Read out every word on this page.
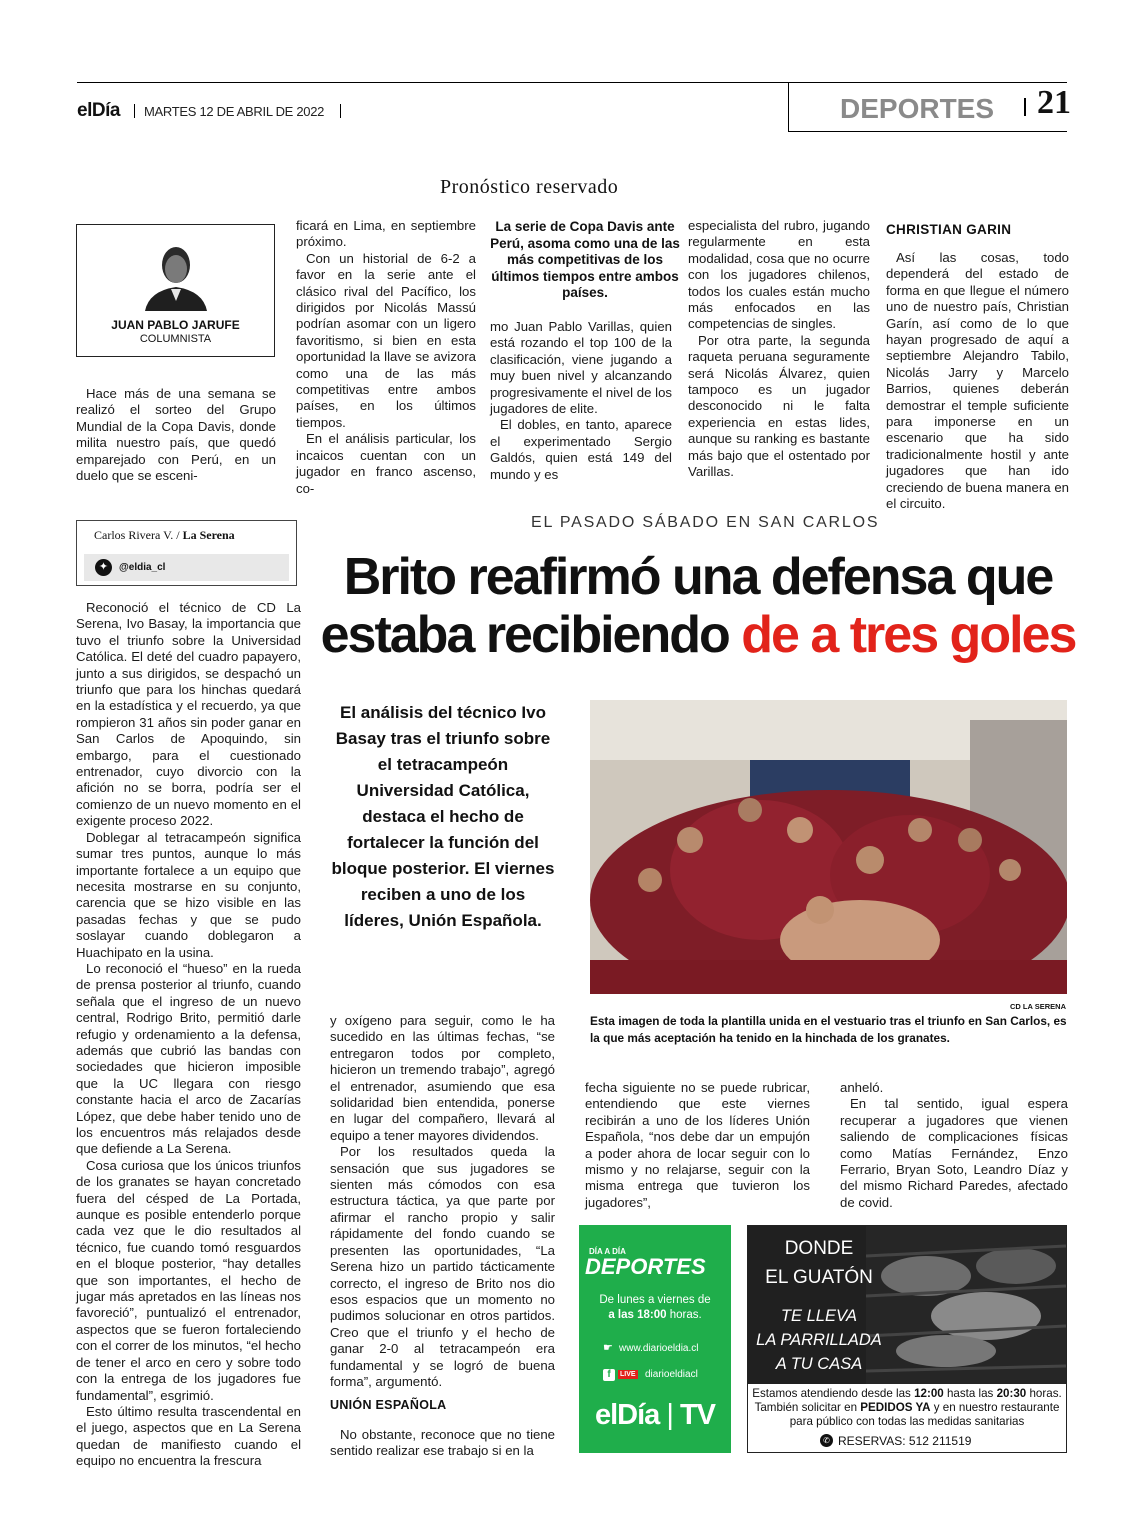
elDía MARTES 12 DE ABRIL DE 2022	DEPORTES 21
Pronóstico reservado
JUAN PABLO JARUFE
COLUMNISTA

Hace más de una semana se realizó el sorteo del Grupo Mundial de la Copa Davis, donde milita nuestro país, que quedó emparejado con Perú, en un duelo que se esceni-

ficará en Lima, en septiembre próximo.

Con un historial de 6-2 a favor en la serie ante el clásico rival del Pacífico, los dirigidos por Nicolás Massú podrían asomar con un ligero favoritismo, si bien en esta oportunidad la llave se avizora como una de las más competitivas entre ambos países, en los últimos tiempos.

En el análisis particular, los incaicos cuentan con un jugador en franco ascenso, co-

La serie de Copa Davis ante Perú, asoma como una de las más competitivas de los últimos tiempos entre ambos países.

mo Juan Pablo Varillas, quien está rozando el top 100 de la clasificación, viene jugando a muy buen nivel y alcanzando progresivamente el nivel de los jugadores de elite.

El dobles, en tanto, aparece el experimentado Sergio Galdós, quien está 149 del mundo y es

especialista del rubro, jugando regularmente en esta modalidad, cosa que no ocurre con los jugadores chilenos, todos los cuales están mucho más enfocados en las competencias de singles.

Por otra parte, la segunda raqueta peruana seguramente será Nicolás Álvarez, quien tampoco es un jugador desconocido ni le falta experiencia en estas lides, aunque su ranking es bastante más bajo que el ostentado por Varillas.

CHRISTIAN GARIN

Así las cosas, todo dependerá del estado de forma en que llegue el número uno de nuestro país, Christian Garín, así como de lo que hayan progresado de aquí a septiembre Alejandro Tabilo, Nicolás Jarry y Marcelo Barrios, quienes deberán demostrar el temple suficiente para imponerse en un escenario que ha sido tradicionalmente hostil y ante jugadores que han ido creciendo de buena manera en el circuito.

Carlos Rivera V. / La Serena
✦	@eldia_cl
EL PASADO SÁBADO EN SAN CARLOS
Brito reafirmó una defensa que
estaba recibiendo de a tres goles
El análisis del técnico Ivo Basay tras el triunfo sobre el tetracampeón Universidad Católica, destaca el hecho de fortalecer la función del bloque posterior. El viernes reciben a uno de los líderes, Unión Española.
CD LA SERENA
Esta imagen de toda la plantilla unida en el vestuario tras el triunfo en San Carlos, es la que más aceptación ha tenido en la hinchada de los granates.

Reconoció el técnico de CD La Serena, Ivo Basay, la importancia que tuvo el triunfo sobre la Universidad Católica. El deté del cuadro papayero, junto a sus dirigidos, se despachó un triunfo que para los hinchas quedará en la estadística y el recuerdo, ya que rompieron 31 años sin poder ganar en San Carlos de Apoquindo, sin embargo, para el cuestionado entrenador, cuyo divorcio con la afición no se borra, podría ser el comienzo de un nuevo momento en el exigente proceso 2022.

Doblegar al tetracampeón significa sumar tres puntos, aunque lo más importante fortalece a un equipo que necesita mostrarse en su conjunto, carencia que se hizo visible en las pasadas fechas y que se pudo soslayar cuando doblegaron a Huachipato en la usina.

Lo reconoció el “hueso” en la rueda de prensa posterior al triunfo, cuando señala que el ingreso de un nuevo central, Rodrigo Brito, permitió darle refugio y ordenamiento a la defensa, además que cubrió las bandas con sociedades que hicieron imposible que la UC llegara con riesgo constante hacia el arco de Zacarías López, que debe haber tenido uno de los encuentros más relajados desde que defiende a La Serena.

Cosa curiosa que los únicos triunfos de los granates se hayan concretado fuera del césped de La Portada, aunque es posible entenderlo porque cada vez que le dio resultados al técnico, fue cuando tomó resguardos en el bloque posterior, “hay detalles que son importantes, el hecho de jugar más apretados en las líneas nos favoreció”, puntualizó el entrenador, aspectos que se fueron fortaleciendo con el correr de los minutos, “el hecho de tener el arco en cero y sobre todo con la entrega de los jugadores fue fundamental”, esgrimió.

Esto último resulta trascendental en el juego, aspectos que en La Serena quedan de manifiesto cuando el equipo no encuentra la frescura

y oxígeno para seguir, como le ha sucedido en las últimas fechas, “se entregaron todos por completo, hicieron un tremendo trabajo”, agregó el entrenador, asumiendo que esa solidaridad bien entendida, ponerse en lugar del compañero, llevará al equipo a tener mayores dividendos.

Por los resultados queda la sensación que sus jugadores se sienten más cómodos con esa estructura táctica, ya que parte por afirmar el rancho propio y salir rápidamente del fondo cuando se presenten las oportunidades, “La Serena hizo un partido tácticamente correcto, el ingreso de Brito nos dio esos espacios que un momento no pudimos solucionar en otros partidos. Creo que el triunfo y el hecho de ganar 2-0 al tetracampeón era fundamental y se logró de buena forma”, argumentó.

UNIÓN ESPAÑOLA

No obstante, reconoce que no tiene sentido realizar ese trabajo si en la

fecha siguiente no se puede rubricar, entendiendo que este viernes recibirán a uno de los líderes Unión Española, “nos debe dar un empujón a poder ahora de locar seguir con lo mismo y no relajarse, seguir con la misma entrega que tuvieron los jugadores”,

anheló.

En tal sentido, igual espera recuperar a jugadores que vienen saliendo de complicaciones físicas como Matías Fernández, Enzo Ferrario, Bryan Soto, Leandro Díaz y del mismo Richard Paredes, afectado de covid.

DÍA A DÍA
DEPORTES
De lunes a viernes de
a las 18:00 horas.
☛ www.diarioeldia.cl
f	LIVE diarioeldiacl
elDía | TV
DONDE
EL GUATÓN
TE LLEVA
LA PARRILLADA
A TU CASA
Estamos atendiendo desde las 12:00 hasta las 20:30 horas.
También solicitar en PEDIDOS YA y en nuestro restaurante
para público con todas las medidas sanitarias
✆ RESERVAS: 512 211519
